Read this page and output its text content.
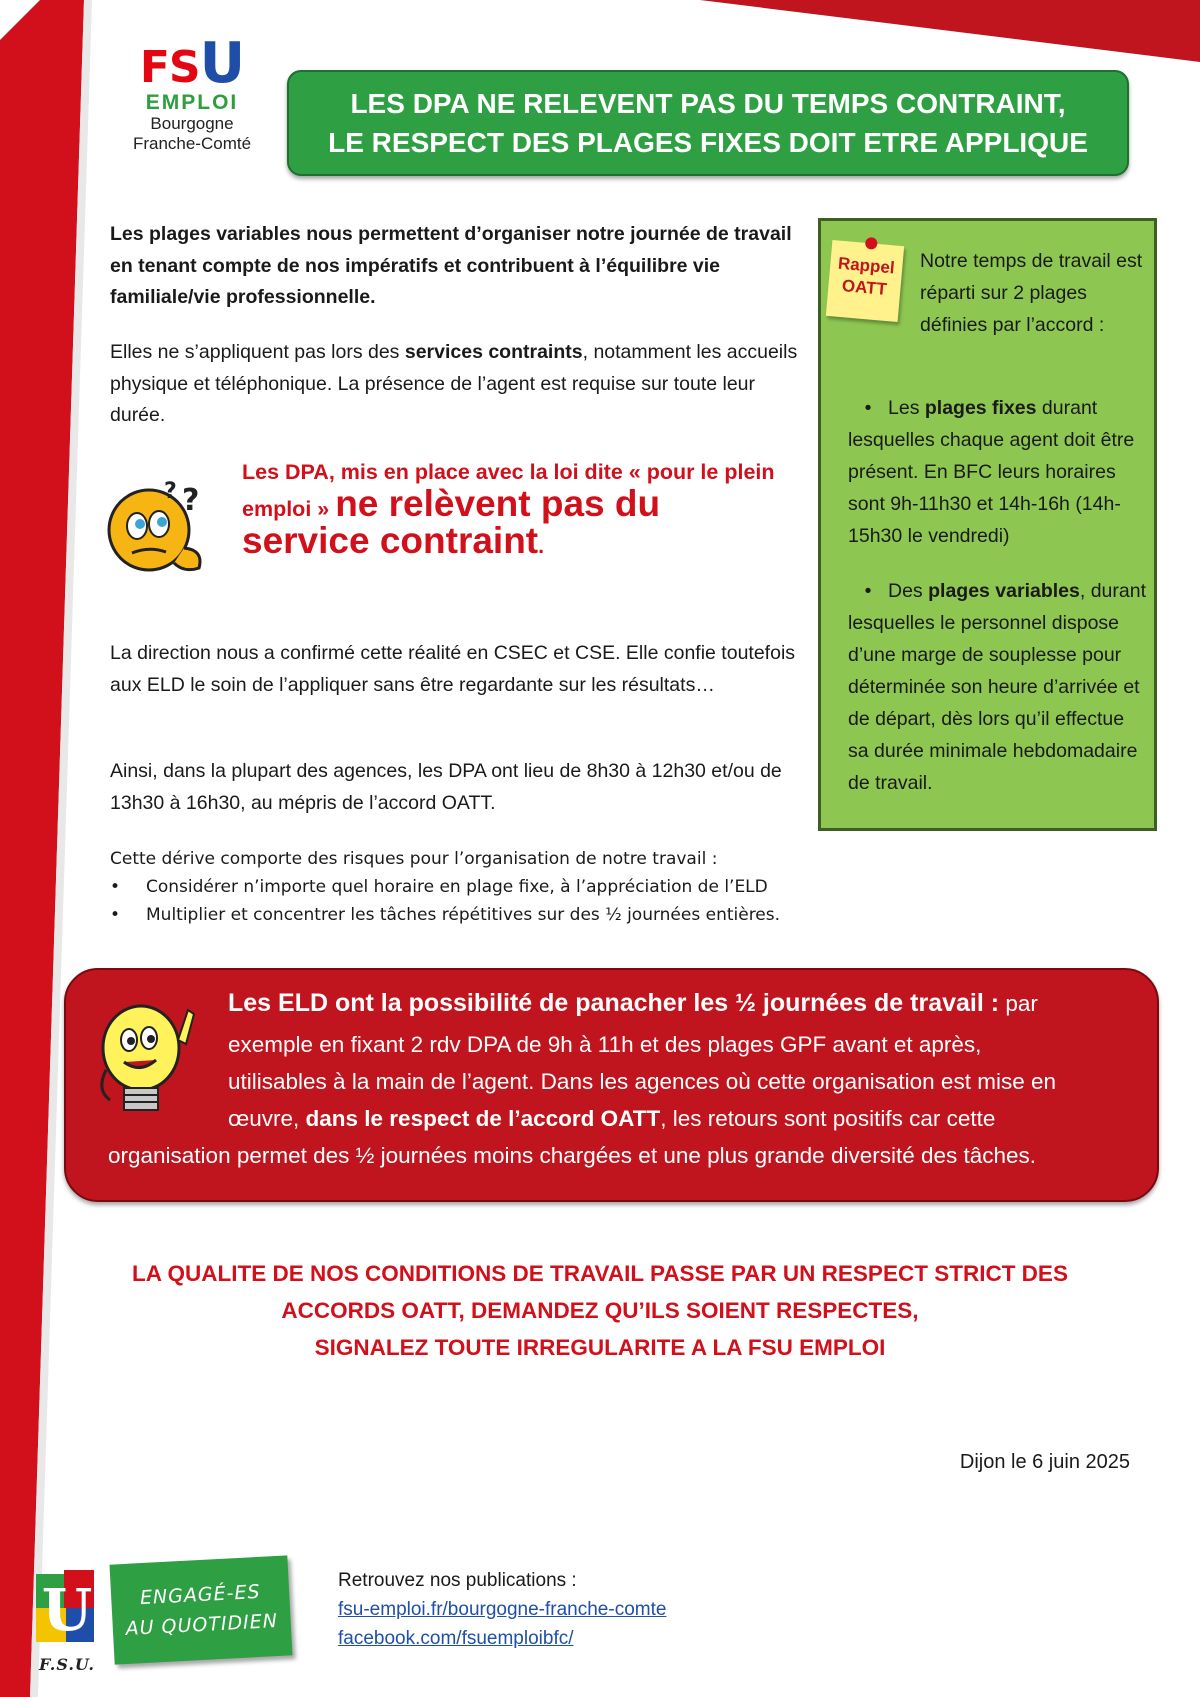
FSU
EMPLOI
Bourgogne
Franche-Comté
LES DPA NE RELEVENT PAS DU TEMPS CONTRAINT,
LE RESPECT DES PLAGES FIXES DOIT ETRE APPLIQUE

Les plages variables nous permettent d’organiser notre journée de travail en tenant compte de nos impératifs et contribuent à l’équilibre vie familiale/vie professionnelle.

Elles ne s’appliquent pas lors des services contraints, notamment les accueils physique et téléphonique. La présence de l’agent est requise sur toute leur durée.

?
?

Les DPA, mis en place avec la loi dite « pour le plein emploi » ne relèvent pas du service contraint.

La direction nous a confirmé cette réalité en CSEC et CSE. Elle confie toutefois aux ELD le soin de l’appliquer sans être regardante sur les résultats…

Ainsi, dans la plupart des agences, les DPA ont lieu de 8h30 à 12h30 et/ou de 13h30 à 16h30, au mépris de l’accord OATT.

Cette dérive comporte des risques pour l’organisation de notre travail :

• Considérer n’importe quel horaire en plage fixe, à l’appréciation de l’ELD

• Multiplier et concentrer les tâches répétitives sur des ½ journées entières.

Rappel
OATT

Notre temps de travail est réparti sur 2 plages définies par l’accord :

• Les plages fixes durant lesquelles chaque agent doit être présent. En BFC leurs horaires sont 9h-11h30 et 14h-16h (14h-15h30 le vendredi)

• Des plages variables, durant lesquelles le personnel dispose d’une marge de souplesse pour déterminée son heure d’arrivée et de départ, dès lors qu’il effectue sa durée minimale hebdomadaire de travail.

Les ELD ont la possibilité de panacher les ½ journées de travail : par

exemple en fixant 2 rdv DPA de 9h à 11h et des plages GPF avant et après,

utilisables à la main de l’agent. Dans les agences où cette organisation est mise en

œuvre, dans le respect de l’accord OATT, les retours sont positifs car cette

organisation permet des ½ journées moins chargées et une plus grande diversité des tâches.

LA QUALITE DE NOS CONDITIONS DE TRAVAIL PASSE PAR UN RESPECT STRICT DES
ACCORDS OATT, DEMANDEZ QU’ILS SOIENT RESPECTES,
SIGNALEZ TOUTE IRREGULARITE A LA FSU EMPLOI

Dijon le 6 juin 2025

U
F.S.U.
ENGAGÉ-ES
AU QUOTIDIEN
Retrouvez nos publications :
fsu-emploi.fr/bourgogne-franche-comte
facebook.com/fsuemploibfc/
